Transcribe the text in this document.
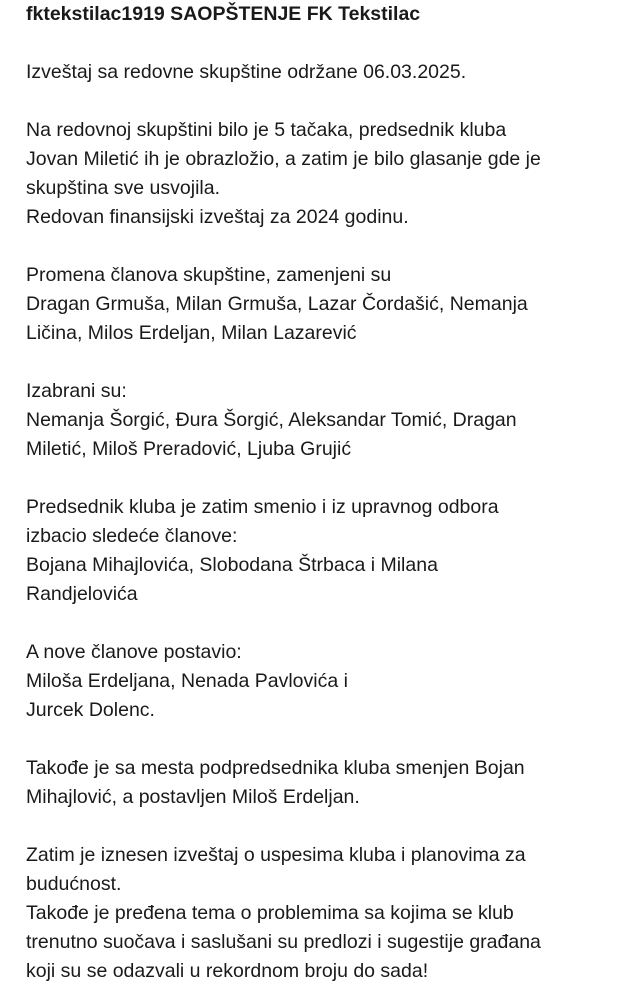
fktekstilac1919 SAOPŠTENJE FK Tekstilac
Izveštaj sa redovne skupštine održane 06.03.2025.
Na redovnoj skupštini bilo je 5 tačaka, predsednik kluba
Jovan Miletić ih je obrazložio, a zatim je bilo glasanje gde je
skupština sve usvojila.
Redovan finansijski izveštaj za 2024 godinu.
Promena članova skupštine, zamenjeni su
Dragan Grmuša, Milan Grmuša, Lazar Čordašić, Nemanja
Ličina, Milos Erdeljan, Milan Lazarević
Izabrani su:
Nemanja Šorgić, Đura Šorgić, Aleksandar Tomić, Dragan
Miletić, Miloš Preradović, Ljuba Grujić
Predsednik kluba je zatim smenio i iz upravnog odbora
izbacio sledeće članove:
Bojana Mihajlovića, Slobodana Štrbaca i Milana
Randjelovića
A nove članove postavio:
Miloša Erdeljana, Nenada Pavlovića i
Jurcek Dolenc.
Takođe je sa mesta podpredsednika kluba smenjen Bojan
Mihajlović, a postavljen Miloš Erdeljan.
Zatim je iznesen izveštaj o uspesima kluba i planovima za
budućnost.
Takođe je pređena tema o problemima sa kojima se klub
trenutno suočava i saslušani su predlozi i sugestije građana
koji su se odazvali u rekordnom broju do sada!
